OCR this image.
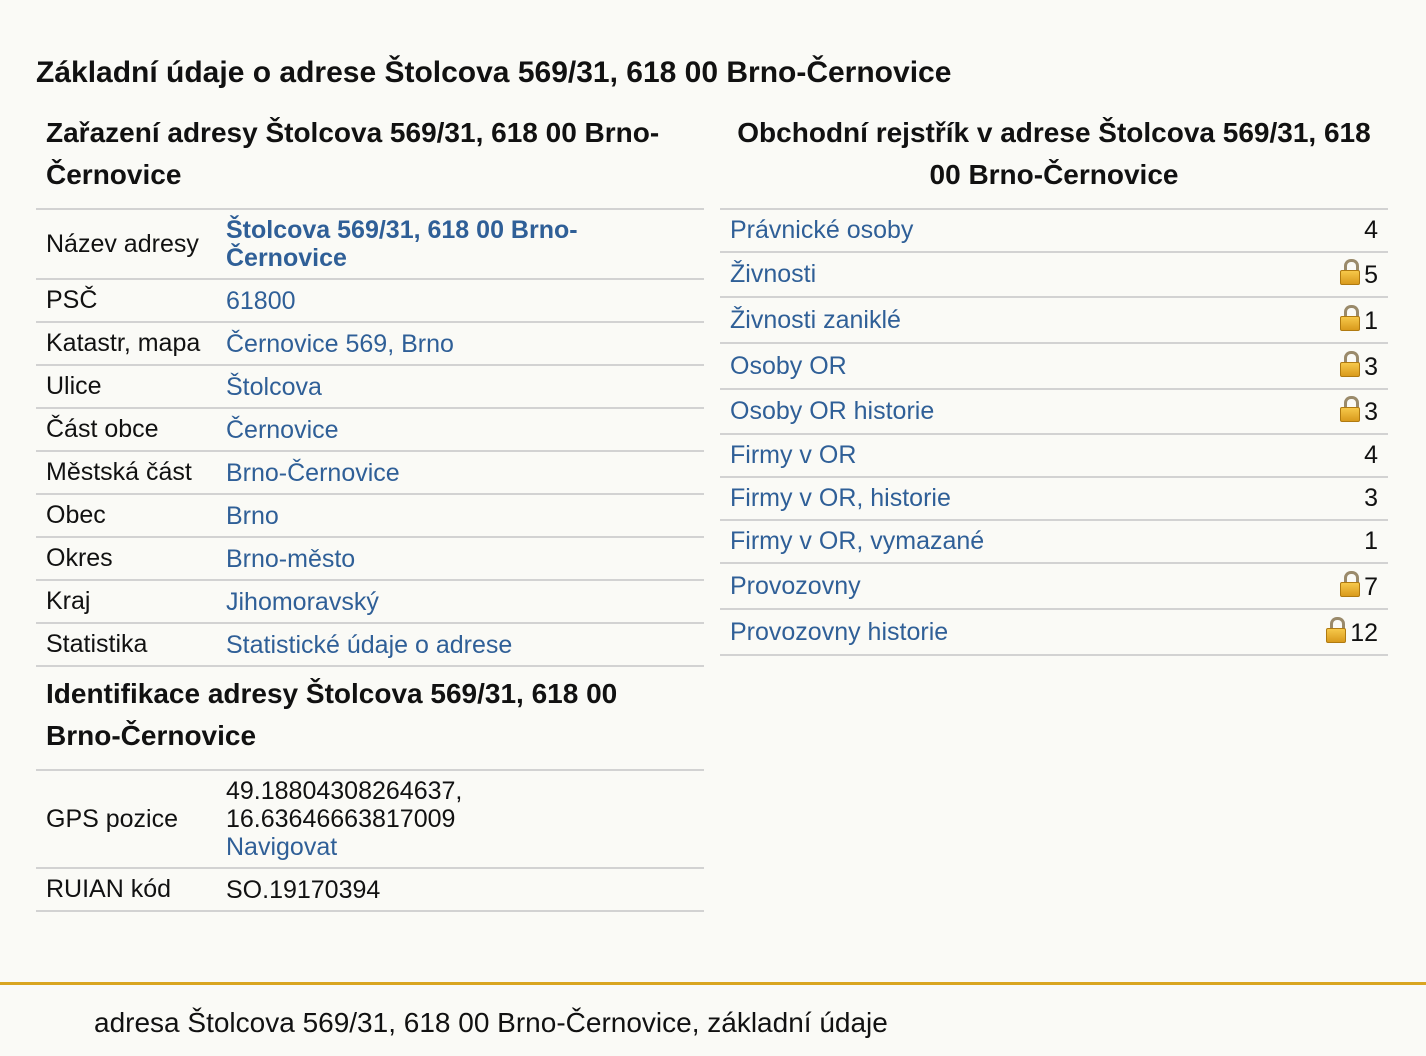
Základní údaje o adrese Štolcova 569/31, 618 00 Brno-Černovice
Zařazení adresy Štolcova 569/31, 618 00 Brno-Černovice
Název adresy	Štolcova 569/31, 618 00 Brno-Černovice
PSČ	61800
Katastr, mapa	Černovice 569, Brno
Ulice	Štolcova
Část obce	Černovice
Městská část	Brno-Černovice
Obec	Brno
Okres	Brno-město
Kraj	Jihomoravský
Statistika	Statistické údaje o adrese
Identifikace adresy Štolcova 569/31, 618 00 Brno-Černovice
GPS pozice	49.18804308264637,
16.63646663817009
Navigovat
RUIAN kód	SO.19170394
Obchodní rejstřík v adrese Štolcova 569/31, 618 00 Brno-Černovice
Právnické osoby	4
Živnosti	5
Živnosti zaniklé	1
Osoby OR	3
Osoby OR historie	3
Firmy v OR	4
Firmy v OR, historie	3
Firmy v OR, vymazané	1
Provozovny	7
Provozovny historie	12
adresa Štolcova 569/31, 618 00 Brno-Černovice, základní údaje
